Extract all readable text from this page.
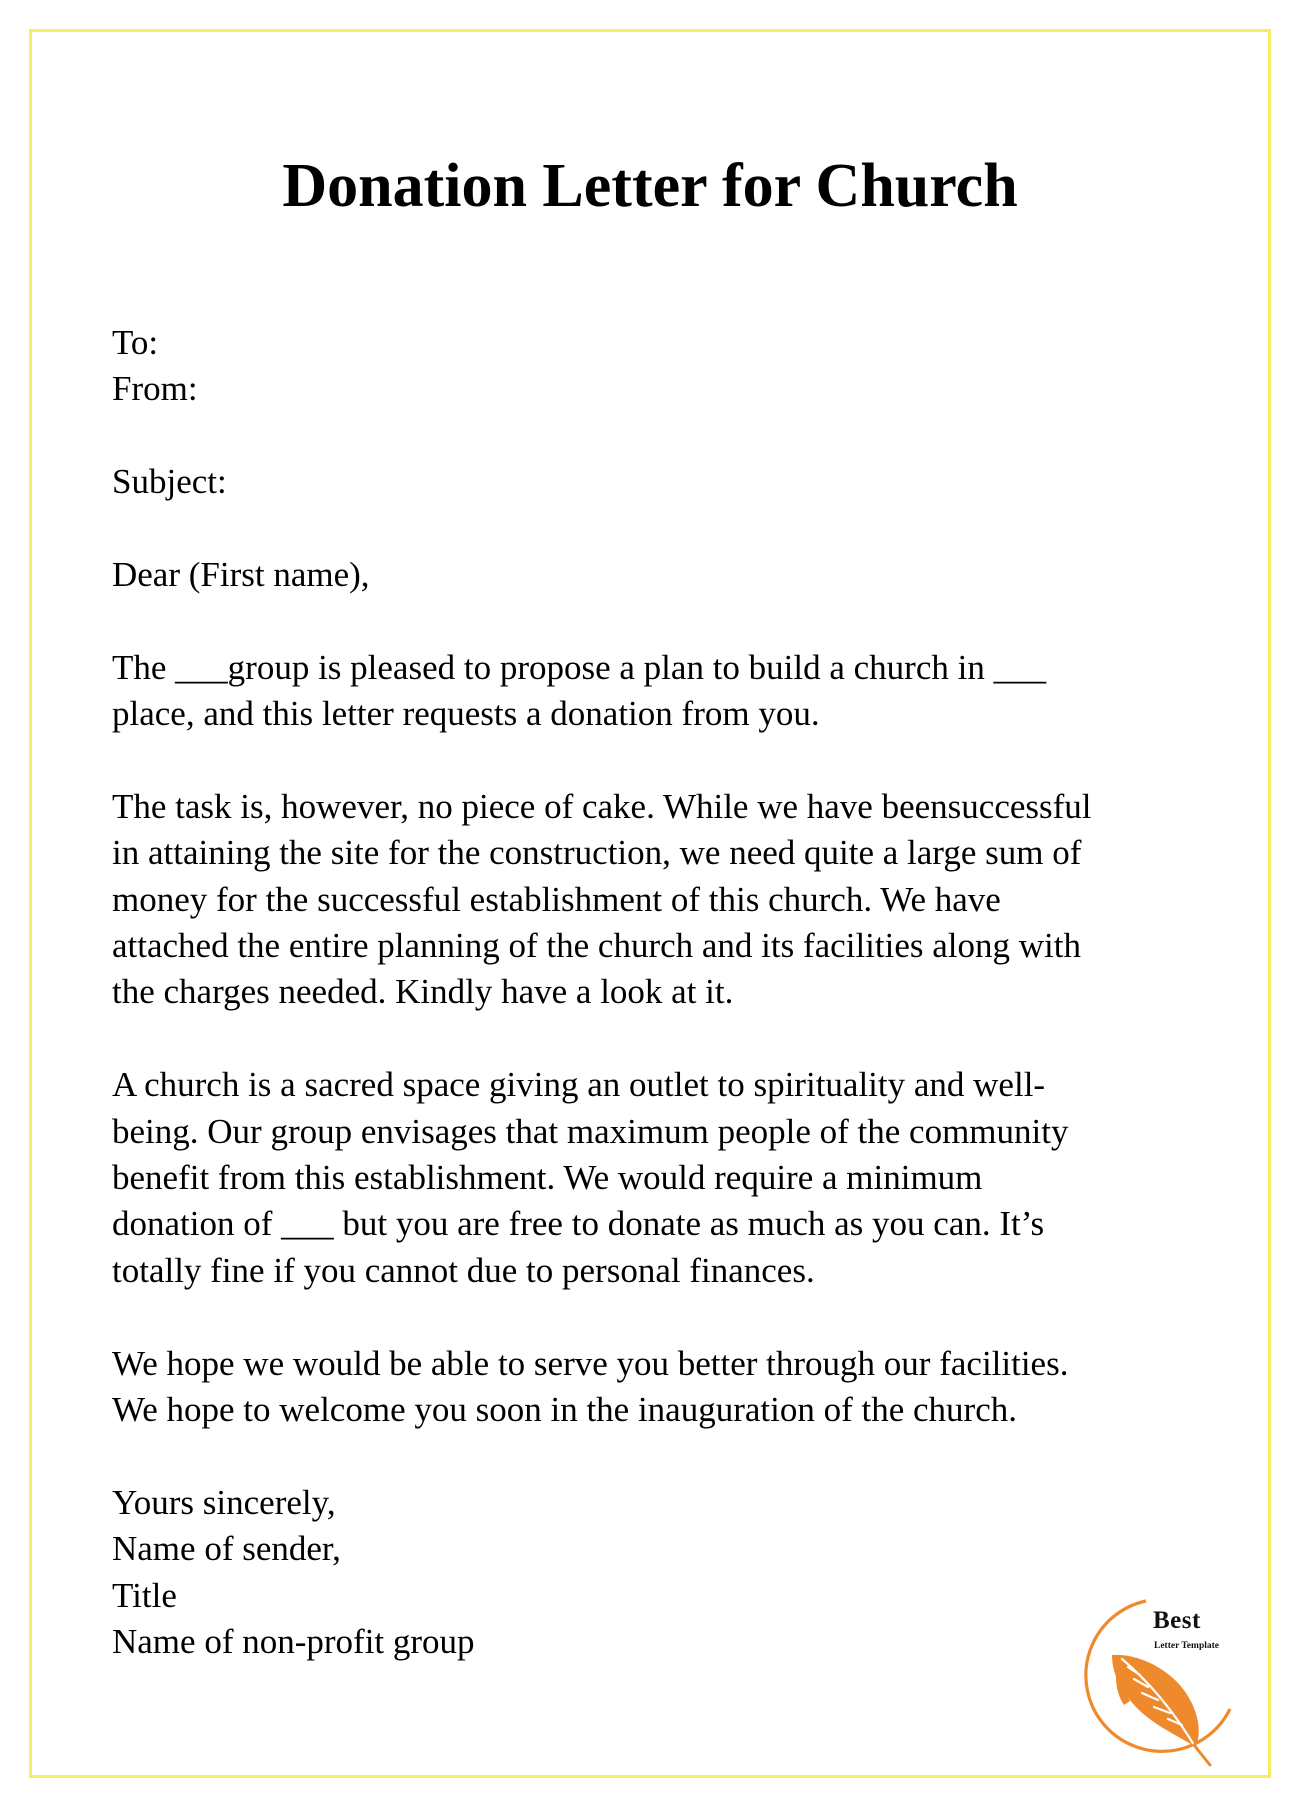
Donation Letter for Church
To:
From:
Subject:
Dear (First name),
The ___group is pleased to propose a plan to build a church in ___
place, and this letter requests a donation from you.
The task is, however, no piece of cake. While we have beensuccessful
in attaining the site for the construction, we need quite a large sum of
money for the successful establishment of this church. We have
attached the entire planning of the church and its facilities along with
the charges needed. Kindly have a look at it.
A church is a sacred space giving an outlet to spirituality and well-
being. Our group envisages that maximum people of the community
benefit from this establishment. We would require a minimum
donation of ___ but you are free to donate as much as you can. It’s
totally fine if you cannot due to personal finances.
We hope we would be able to serve you better through our facilities.
We hope to welcome you soon in the inauguration of the church.
Yours sincerely,
Name of sender,
Title
Name of non-profit group
Best
Letter Template
